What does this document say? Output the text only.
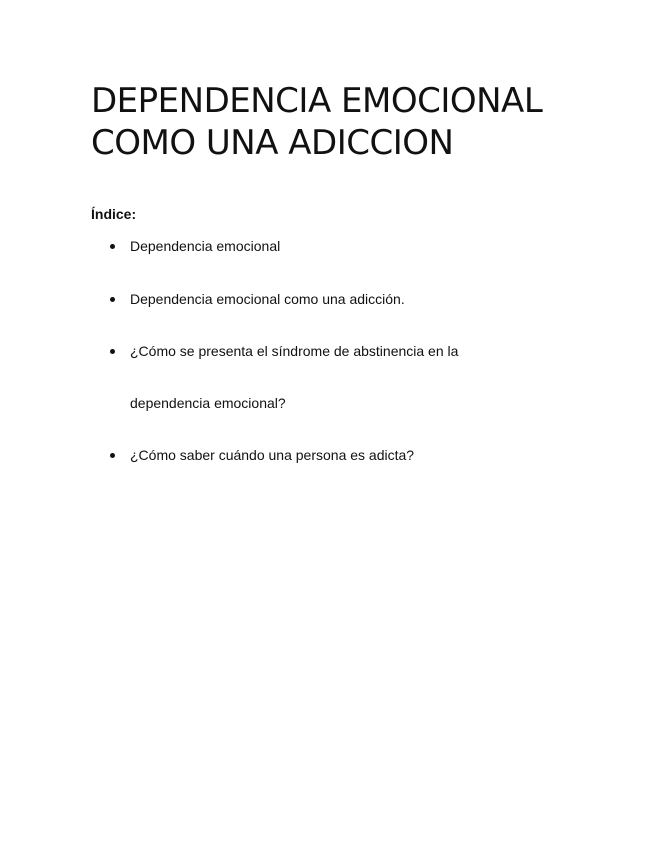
DEPENDENCIA EMOCIONAL
COMO UNA ADICCION

Índice:

Dependencia emocional
Dependencia emocional como una adicción.
¿Cómo se presenta el síndrome de abstinencia en la
dependencia emocional?
¿Cómo saber cuándo una persona es adicta?
